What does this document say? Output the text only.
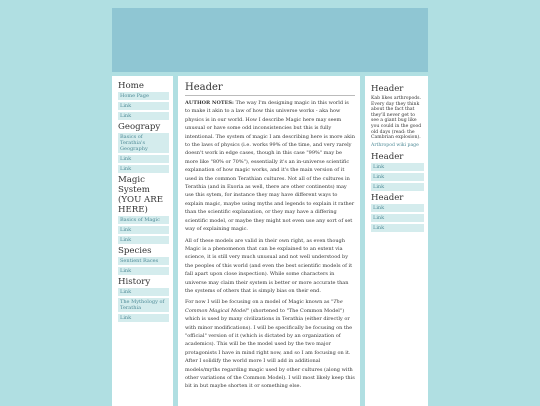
Home
Home Page
Link
Link
Geograpy
Basics of Terathia's Geography
Link
Link
Magic System (YOU ARE HERE)
Basics of Magic
Link
Link
Species
Sentient Races
Link
History
Link
The Mythology of Terathia
Link
Header

AUTHOR NOTES: The way I'm designing magic in this world is to make it akin to a law of how this universe works - aka how physics is in our world. How I describe Magic here may seem unusual or have some odd inconsistencies but this is fully intentional. The system of magic I am describing here is more akin to the laws of physics (i.e. works 99% of the time, and very rarely doesn't work in edge cases, though in this case "99%" may be more like "80% or 70%"), essentially it's an in-universe scientific explanation of how magic works, and it's the main version of it used in the common Terathian cultures. Not all of the cultures in Terathia (and in Exoria as well, there are other continents) may use this sytem, for instance they may have different ways to explain magic, maybe using myths and legends to explain it rather than the scientific explanation, or they may have a differing scientific model, or maybe they might not even use any sort of set way of explaining magic.

All of these models are valid in their own right, as even though Magic is a phenomenon that can be explained to an extent via science, it is still very much unusual and not well understood by the peoples of this world (and even the best scientific models of it fall apart upon close inspection). While some characters in universe may claim their system is better or more accurate than the systems of others that is simply bias on their end.

For now I will be focusing on a model of Magic known as "The Common Magical Model" (shortened to "The Common Model") which is used by many civilizations in Terathia (either directly or with minor modifications). I will be specifically be focusing on the "official" version of it (which is dictated by an organization of academics). This will be the model used by the two major protagonists I have in mind right now, and so I am focusing on it. After I solidify the world more I will add in additional models/myths regarding magic used by other cultures (along with other variations of the Common Model). I will most likely keep this bit in but maybe shorten it or something else.

Header
Kab likes arthropods. Every day they think about the fact that they'll never get to see a giant bug like you could in the good old days (read: the Cambrian explosion).
Arthropod wiki page
Header
Link
Link
Link
Header
Link
Link
Link
